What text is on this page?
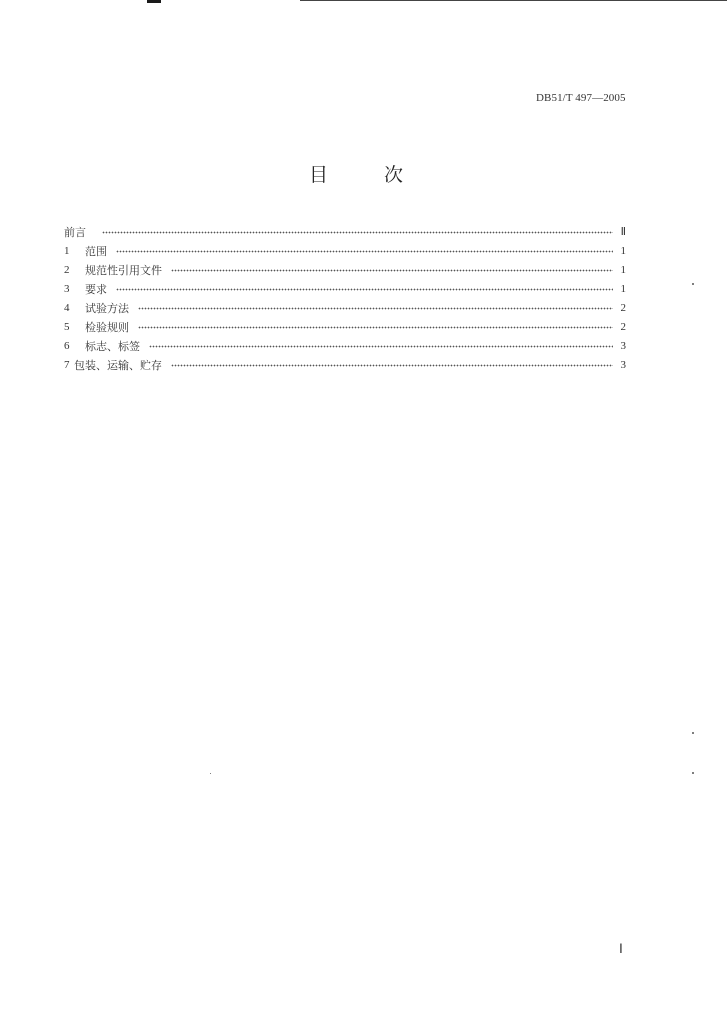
DB51/T 497—2005
目	次
前言	Ⅱ
1	范围	1
2	规范性引用文件	1
3	要求	1
4	试验方法	2
5	检验规则	2
6	标志、标签	3
7 包装、运输、贮存	3
Ⅰ
